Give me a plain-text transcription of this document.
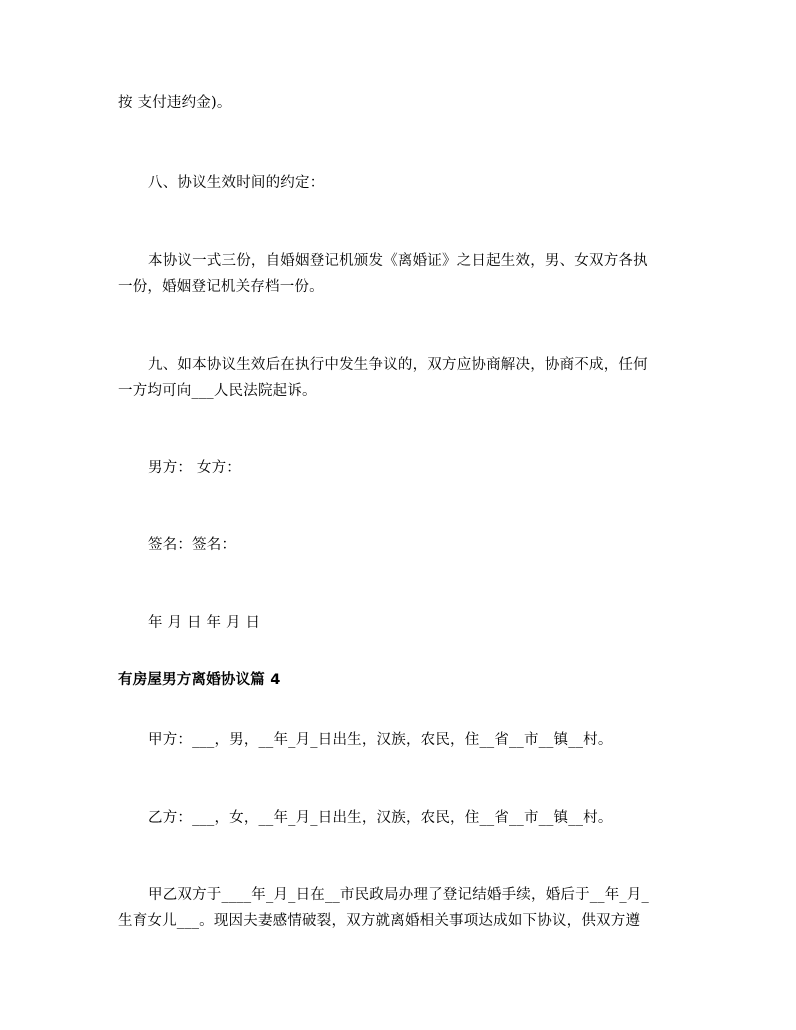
按 支付违约金)。
八、协议生效时间的约定：
本协议一式三份，自婚姻登记机颁发《离婚证》之日起生效，男、女双方各执
一份，婚姻登记机关存档一份。
九、如本协议生效后在执行中发生争议的，双方应协商解决，协商不成，任何
一方均可向___人民法院起诉。
男方： 女方：
签名：签名：
年 月 日 年 月 日
有房屋男方离婚协议篇 4
甲方：___，男，__年_月_日出生，汉族，农民，住__省__市__镇__村。
乙方：___，女，__年_月_日出生，汉族，农民，住__省__市__镇__村。
甲乙双方于____年_月_日在__市民政局办理了登记结婚手续，婚后于__年_月_
生育女儿___。现因夫妻感情破裂，双方就离婚相关事项达成如下协议，供双方遵
